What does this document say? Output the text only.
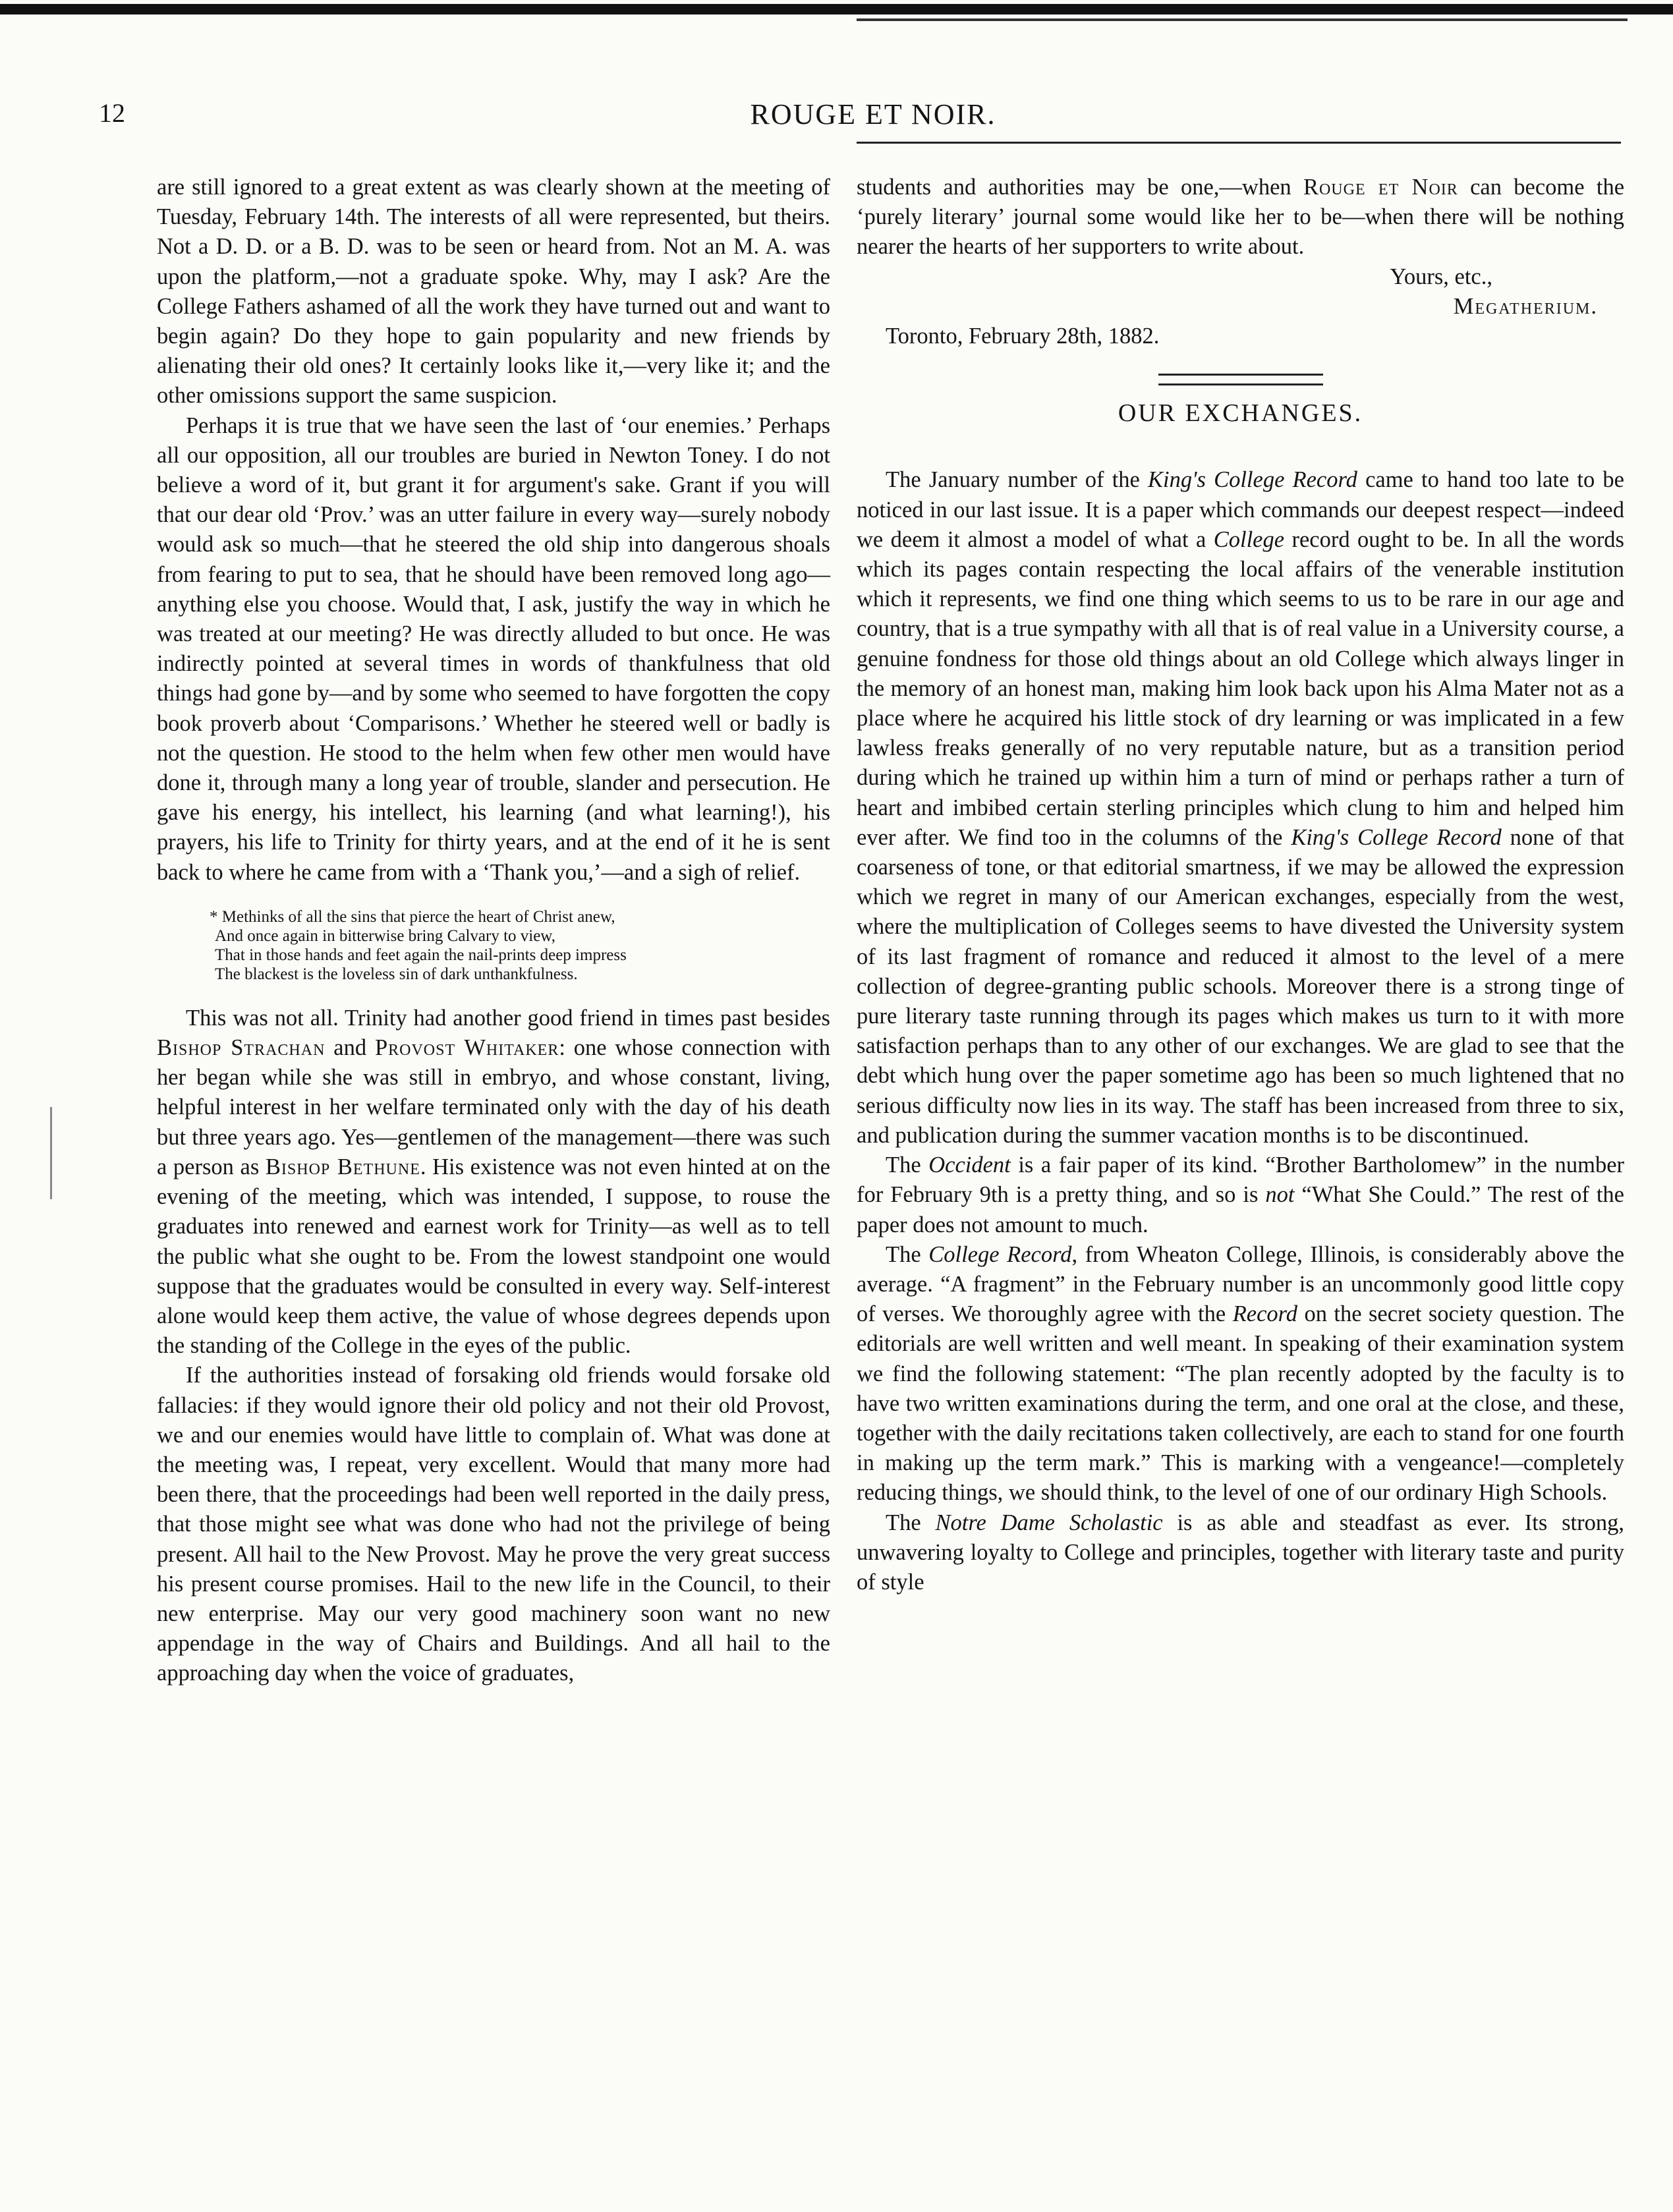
12	ROUGE ET NOIR.

are still ignored to a great extent as was clearly shown at the meeting of Tuesday, February 14th. The interests of all were represented, but theirs. Not a D. D. or a B. D. was to be seen or heard from. Not an M. A. was upon the platform,—not a graduate spoke. Why, may I ask? Are the College Fathers ashamed of all the work they have turned out and want to begin again? Do they hope to gain popularity and new friends by alienating their old ones? It certainly looks like it,—very like it; and the other omissions support the same suspicion.

Perhaps it is true that we have seen the last of ‘our enemies.’ Perhaps all our opposition, all our troubles are buried in Newton Toney. I do not believe a word of it, but grant it for argument's sake. Grant if you will that our dear old ‘Prov.’ was an utter failure in every way—surely nobody would ask so much—that he steered the old ship into dangerous shoals from fearing to put to sea, that he should have been removed long ago—anything else you choose. Would that, I ask, justify the way in which he was treated at our meeting? He was directly alluded to but once. He was indirectly pointed at several times in words of thankfulness that old things had gone by—and by some who seemed to have forgotten the copy book proverb about ‘Comparisons.’ Whether he steered well or badly is not the question. He stood to the helm when few other men would have done it, through many a long year of trouble, slander and persecution. He gave his energy, his intellect, his learning (and what learning!), his prayers, his life to Trinity for thirty years, and at the end of it he is sent back to where he came from with a ‘Thank you,’—and a sigh of relief.

* Methinks of all the sins that pierce the heart of Christ anew,
And once again in bitterwise bring Calvary to view,
That in those hands and feet again the nail-prints deep impress
The blackest is the loveless sin of dark unthankfulness.

This was not all. Trinity had another good friend in times past besides Bishop Strachan and Provost Whitaker: one whose connection with her began while she was still in embryo, and whose constant, living, helpful interest in her welfare terminated only with the day of his death but three years ago. Yes—gentlemen of the management—there was such a person as Bishop Bethune. His existence was not even hinted at on the evening of the meeting, which was intended, I suppose, to rouse the graduates into renewed and earnest work for Trinity—as well as to tell the public what she ought to be. From the lowest standpoint one would suppose that the graduates would be consulted in every way. Self-interest alone would keep them active, the value of whose degrees depends upon the standing of the College in the eyes of the public.

If the authorities instead of forsaking old friends would forsake old fallacies: if they would ignore their old policy and not their old Provost, we and our enemies would have little to complain of. What was done at the meeting was, I repeat, very excellent. Would that many more had been there, that the proceedings had been well reported in the daily press, that those might see what was done who had not the privilege of being present. All hail to the New Provost. May he prove the very great success his present course promises. Hail to the new life in the Council, to their new enterprise. May our very good machinery soon want no new appendage in the way of Chairs and Buildings. And all hail to the approaching day when the voice of graduates,

students and authorities may be one,—when Rouge et Noir can become the ‘purely literary’ journal some would like her to be—when there will be nothing nearer the hearts of her supporters to write about.

Yours, etc.,
Megatherium.
Toronto, February 28th, 1882.
OUR EXCHANGES.

The January number of the King's College Record came to hand too late to be noticed in our last issue. It is a paper which commands our deepest respect—indeed we deem it almost a model of what a College record ought to be. In all the words which its pages contain respecting the local affairs of the venerable institution which it represents, we find one thing which seems to us to be rare in our age and country, that is a true sympathy with all that is of real value in a University course, a genuine fondness for those old things about an old College which always linger in the memory of an honest man, making him look back upon his Alma Mater not as a place where he acquired his little stock of dry learning or was implicated in a few lawless freaks generally of no very reputable nature, but as a transition period during which he trained up within him a turn of mind or perhaps rather a turn of heart and imbibed certain sterling principles which clung to him and helped him ever after. We find too in the columns of the King's College Record none of that coarseness of tone, or that editorial smartness, if we may be allowed the expression which we regret in many of our American exchanges, especially from the west, where the multiplication of Colleges seems to have divested the University system of its last fragment of romance and reduced it almost to the level of a mere collection of degree-granting public schools. Moreover there is a strong tinge of pure literary taste running through its pages which makes us turn to it with more satisfaction perhaps than to any other of our exchanges. We are glad to see that the debt which hung over the paper sometime ago has been so much lightened that no serious difficulty now lies in its way. The staff has been increased from three to six, and publication during the summer vacation months is to be discontinued.

The Occident is a fair paper of its kind. “Brother Bartholomew” in the number for February 9th is a pretty thing, and so is not “What She Could.” The rest of the paper does not amount to much.

The College Record, from Wheaton College, Illinois, is considerably above the average. “A fragment” in the February number is an uncommonly good little copy of verses. We thoroughly agree with the Record on the secret society question. The editorials are well written and well meant. In speaking of their examination system we find the following statement: “The plan recently adopted by the faculty is to have two written examinations during the term, and one oral at the close, and these, together with the daily recitations taken collectively, are each to stand for one fourth in making up the term mark.” This is marking with a vengeance!—completely reducing things, we should think, to the level of one of our ordinary High Schools.

The Notre Dame Scholastic is as able and steadfast as ever. Its strong, unwavering loyalty to College and principles, together with literary taste and purity of style
